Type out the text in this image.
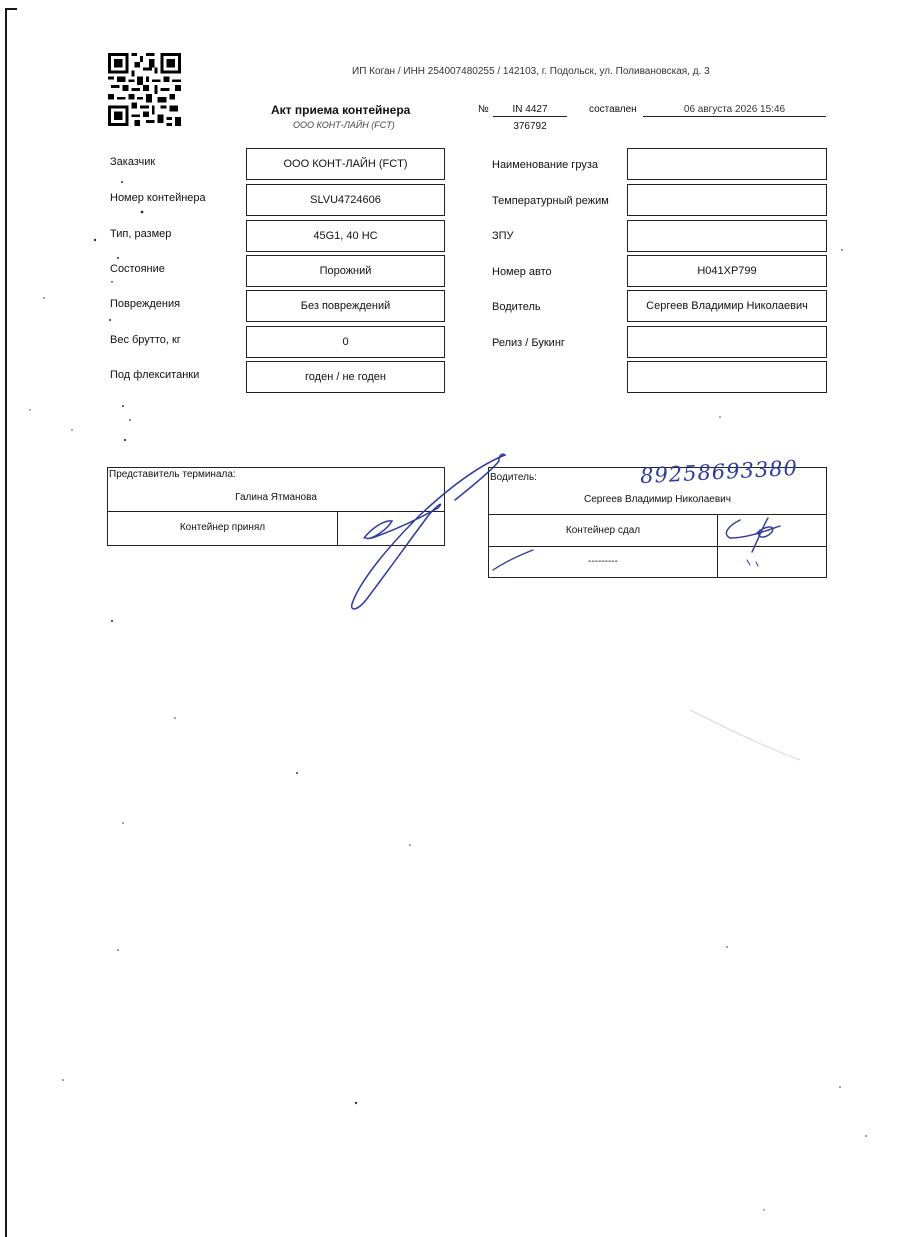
ИП Коган / ИНН 254007480255 / 142103, г. Подольск, ул. Поливановская, д. 3
Акт приема контейнера
ООО КОНТ-ЛАЙН (FCT)
№	IN 4427
376792
составлен	06 августа 2026 15:46
Заказчик	ООО КОНТ-ЛАЙН (FCT)
Номер контейнера	SLVU4724606
Тип, размер	45G1, 40 HC
Состояние	Порожний
Повреждения	Без повреждений
Вес брутто, кг	0
Под флекситанки	годен / не годен
Наименование груза
Температурный режим
ЗПУ
Номер авто	Н041ХР799
Водитель	Сергеев Владимир Николаевич
Релиз / Букинг
Представитель терминала:
Галина Ятманова
Контейнер принял
Водитель:
Сергеев Владимир Николаевич
Контейнер сдал
---------
89258693380
